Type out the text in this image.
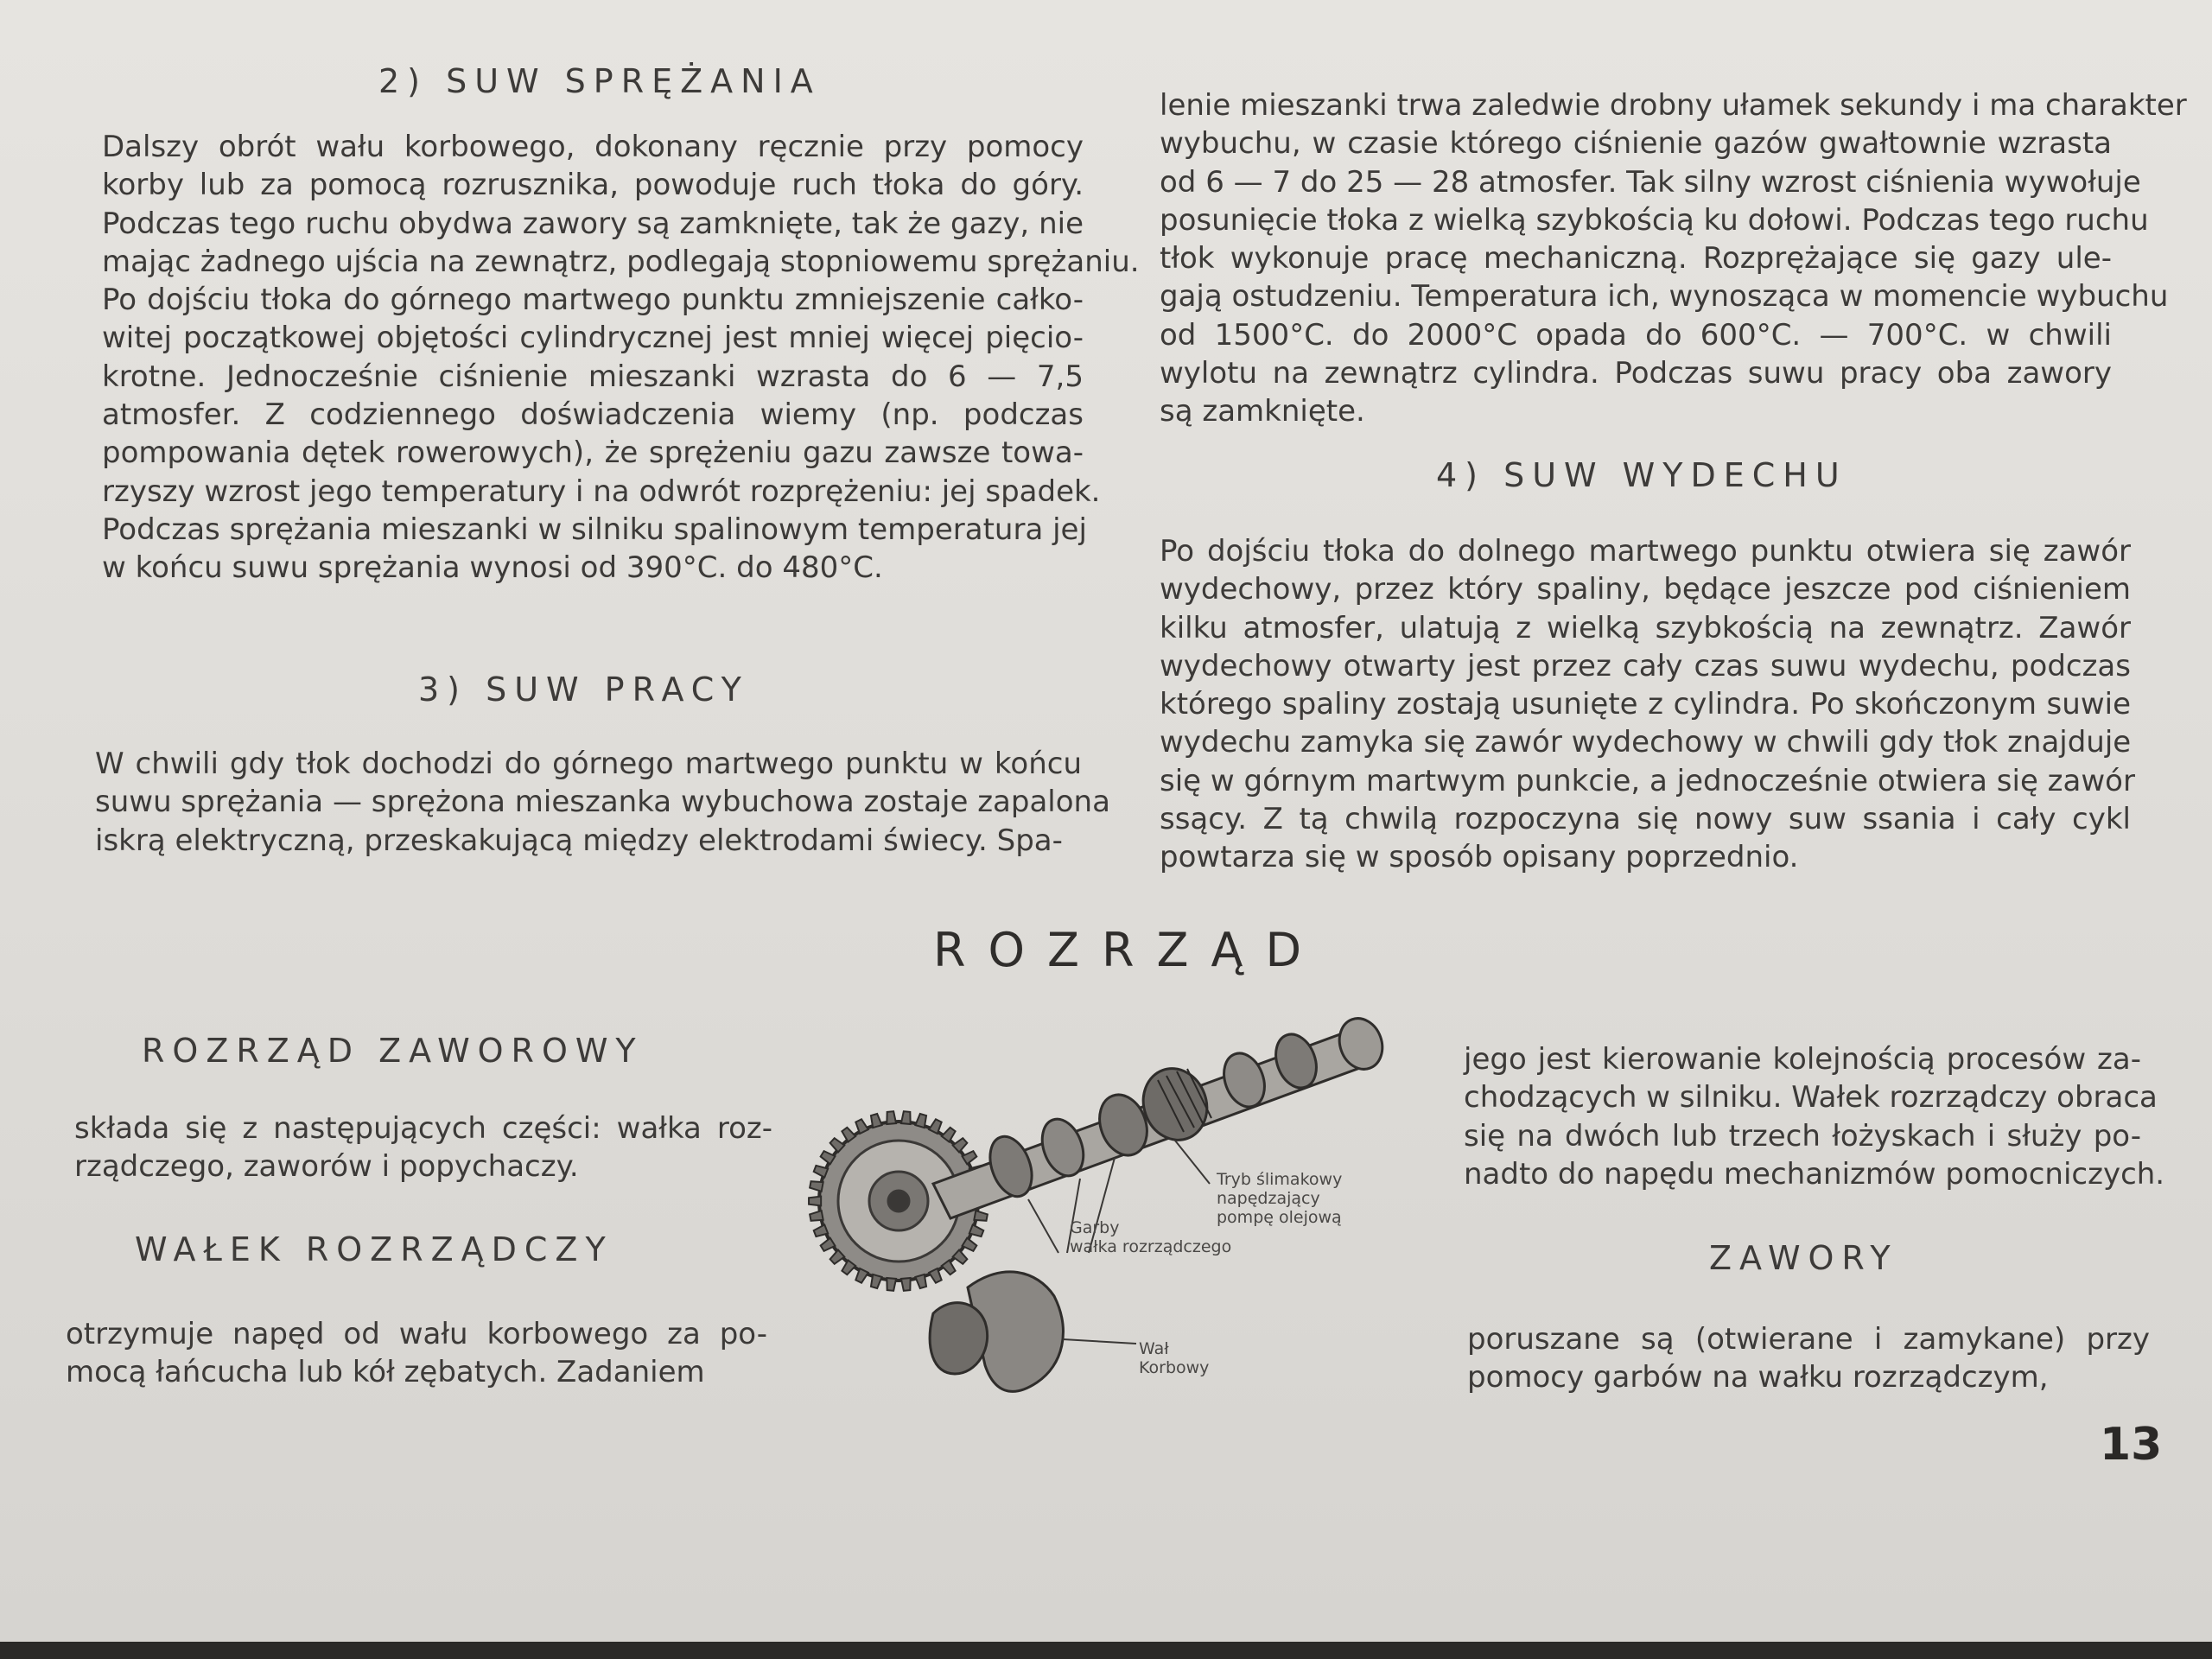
2) SUW SPRĘŻANIA
Dalszy obrót wału korbowego, dokonany ręcznie przy pomocy
korby lub za pomocą rozrusznika, powoduje ruch tłoka do góry.
Podczas tego ruchu obydwa zawory są zamknięte, tak że gazy, nie
mając żadnego ujścia na zewnątrz, podlegają stopniowemu sprężaniu.
Po dojściu tłoka do górnego martwego punktu zmniejszenie całko-
witej początkowej objętości cylindrycznej jest mniej więcej pięcio-
krotne. Jednocześnie ciśnienie mieszanki wzrasta do 6 — 7,5
atmosfer. Z codziennego doświadczenia wiemy (np. podczas
pompowania dętek rowerowych), że sprężeniu gazu zawsze towa-
rzyszy wzrost jego temperatury i na odwrót rozprężeniu: jej spadek.
Podczas sprężania mieszanki w silniku spalinowym temperatura jej
w końcu suwu sprężania wynosi od 390°C. do 480°C.
3) SUW PRACY
W chwili gdy tłok dochodzi do górnego martwego punktu w końcu
suwu sprężania — sprężona mieszanka wybuchowa zostaje zapalona
iskrą elektryczną, przeskakującą między elektrodami świecy. Spa-
lenie mieszanki trwa zaledwie drobny ułamek sekundy i ma charakter
wybuchu, w czasie którego ciśnienie gazów gwałtownie wzrasta
od 6 — 7 do 25 — 28 atmosfer. Tak silny wzrost ciśnienia wywołuje
posunięcie tłoka z wielką szybkością ku dołowi. Podczas tego ruchu
tłok wykonuje pracę mechaniczną. Rozprężające się gazy ule-
gają ostudzeniu. Temperatura ich, wynosząca w momencie wybuchu
od 1500°C. do 2000°C opada do 600°C. — 700°C. w chwili
wylotu na zewnątrz cylindra. Podczas suwu pracy oba zawory
są zamknięte.
4) SUW WYDECHU
Po dojściu tłoka do dolnego martwego punktu otwiera się zawór
wydechowy, przez który spaliny, będące jeszcze pod ciśnieniem
kilku atmosfer, ulatują z wielką szybkością na zewnątrz. Zawór
wydechowy otwarty jest przez cały czas suwu wydechu, podczas
którego spaliny zostają usunięte z cylindra. Po skończonym suwie
wydechu zamyka się zawór wydechowy w chwili gdy tłok znajduje
się w górnym martwym punkcie, a jednocześnie otwiera się zawór
ssący. Z tą chwilą rozpoczyna się nowy suw ssania i cały cykl
powtarza się w sposób opisany poprzednio.
ROZRZĄD
ROZRZĄD ZAWOROWY
składa się z następujących części: wałka roz-
rządczego, zaworów i popychaczy.
WAŁEK ROZRZĄDCZY
otrzymuje napęd od wału korbowego za po-
mocą łańcucha lub kół zębatych. Zadaniem
jego jest kierowanie kolejnością procesów za-
chodzących w silniku. Wałek rozrządczy obraca
się na dwóch lub trzech łożyskach i służy po-
nadto do napędu mechanizmów pomocniczych.
ZAWORY
poruszane są (otwierane i zamykane) przy
pomocy garbów na wałku rozrządczym,
Tryb ślimakowy
napędzający
pompę olejową
Garby
wałka rozrządczego
Wał
Korbowy
13
